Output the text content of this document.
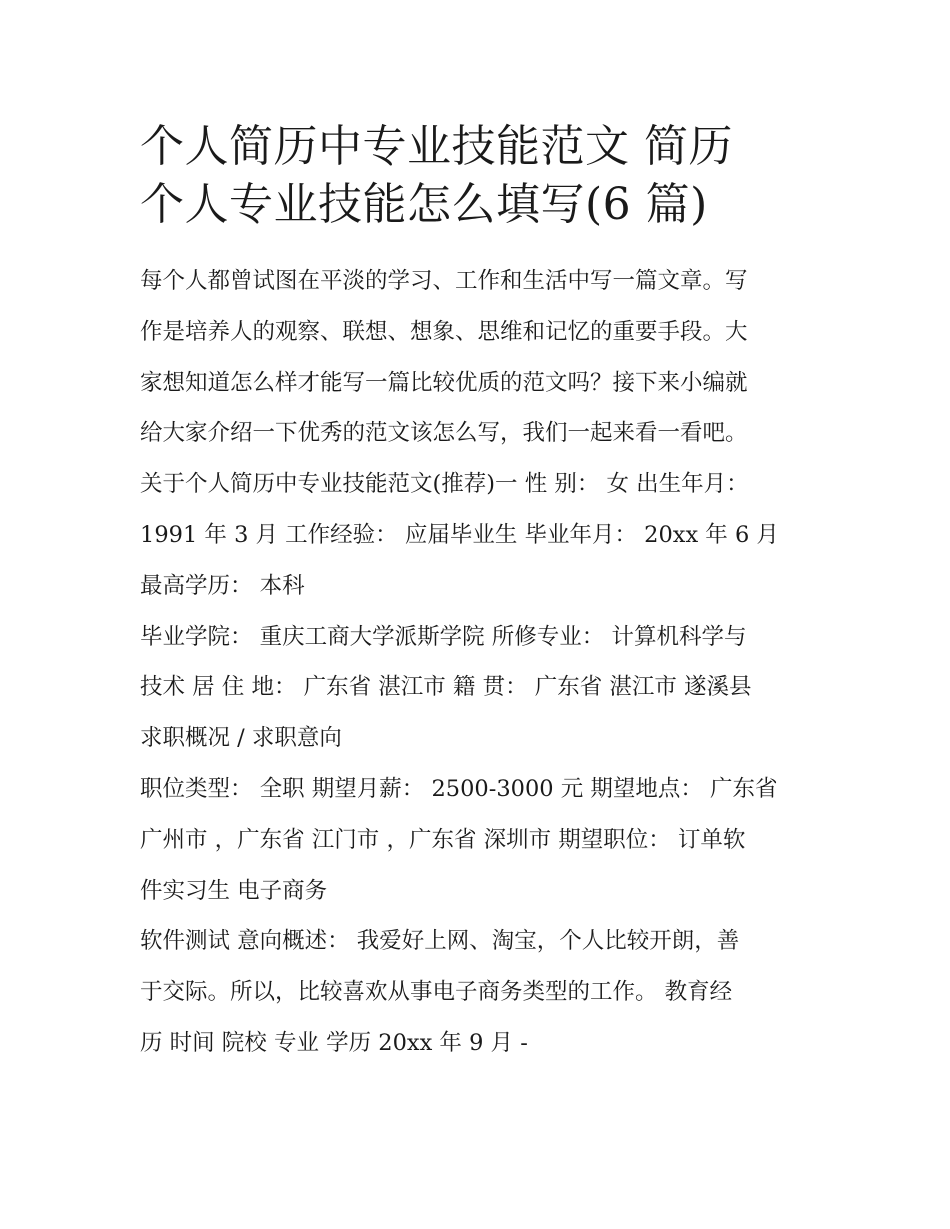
个人简历中专业技能范文 简历
个人专业技能怎么填写(6 篇)
每个人都曾试图在平淡的学习、工作和生活中写一篇文章。写
作是培养人的观察、联想、想象、思维和记忆的重要手段。大
家想知道怎么样才能写一篇比较优质的范文吗？接下来小编就
给大家介绍一下优秀的范文该怎么写，我们一起来看一看吧。
关于个人简历中专业技能范文(推荐)一 性 别： 女 出生年月：
1991 年 3 月 工作经验： 应届毕业生 毕业年月： 20xx 年 6 月
最高学历： 本科
毕业学院： 重庆工商大学派斯学院 所修专业： 计算机科学与
技术 居 住 地： 广东省 湛江市 籍 贯： 广东省 湛江市 遂溪县
求职概况 / 求职意向
职位类型： 全职 期望月薪： 2500-3000 元 期望地点： 广东省
广州市 ，广东省 江门市 ，广东省 深圳市 期望职位： 订单软
件实习生 电子商务
软件测试 意向概述： 我爱好上网、淘宝，个人比较开朗，善
于交际。所以，比较喜欢从事电子商务类型的工作。 教育经
历 时间 院校 专业 学历 20xx 年 9 月 -
